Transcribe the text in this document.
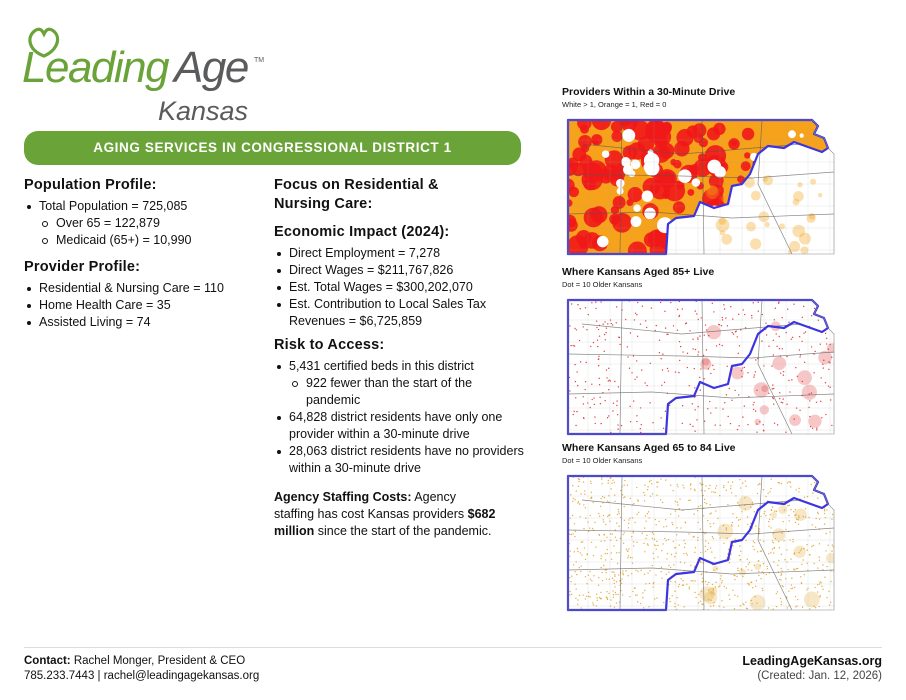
Leading Age TM
Kansas
AGING SERVICES IN CONGRESSIONAL DISTRICT 1
Population Profile:
Total Population = 725,085
Over 65 = 122,879
Medicaid (65+) = 10,990
Provider Profile:
Residential & Nursing Care = 110
Home Health Care = 35
Assisted Living = 74
Focus on Residential & Nursing Care:
Economic Impact (2024):
Direct Employment = 7,278
Direct Wages = $211,767,826
Est. Total Wages = $300,202,070
Est. Contribution to Local Sales Tax Revenues = $6,725,859
Risk to Access:
5,431 certified beds in this district
922 fewer than the start of the pandemic
64,828 district residents have only one provider within a 30-minute drive
28,063 district residents have no providers within a 30-minute drive

Agency Staffing Costs: Agency staffing has cost Kansas providers $682 million since the start of the pandemic.

Providers Within a 30-Minute Drive
White > 1, Orange = 1, Red = 0
Where Kansans Aged 85+ Live
Dot = 10 Older Kansans
Where Kansans Aged 65 to 84 Live
Dot = 10 Older Kansans
Contact: Rachel Monger, President & CEO
785.233.7443 | rachel@leadingagekansas.org
LeadingAgeKansas.org
(Created: Jan. 12, 2026)
